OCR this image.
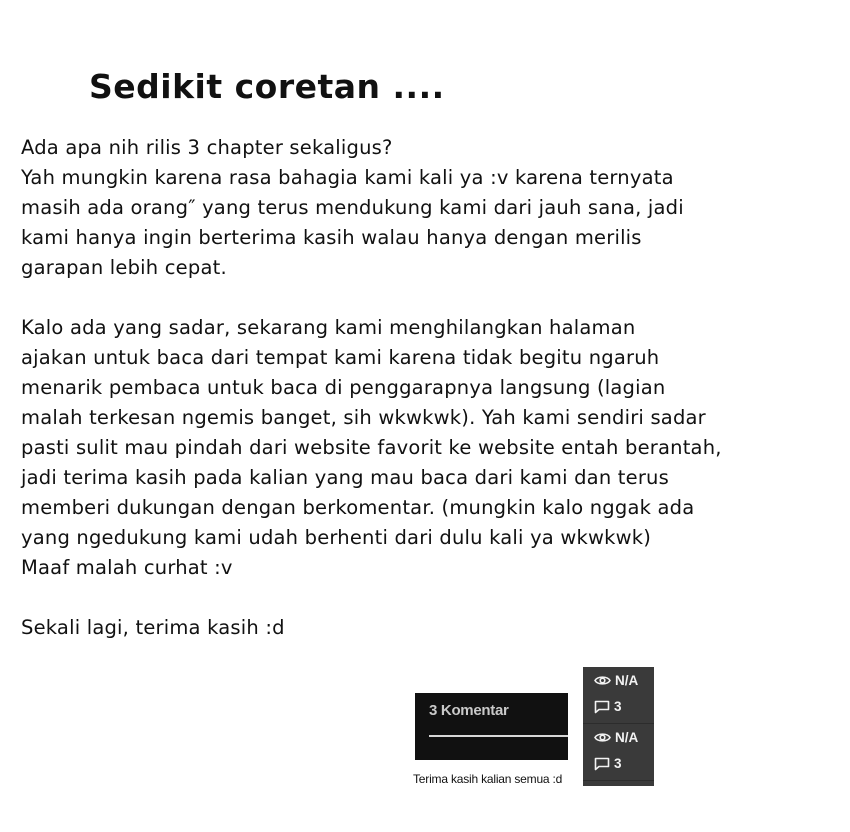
Sedikit coretan ....
Ada apa nih rilis 3 chapter sekaligus?
Yah mungkin karena rasa bahagia kami kali ya :v karena ternyata
masih ada orang″ yang terus mendukung kami dari jauh sana, jadi
kami hanya ingin berterima kasih walau hanya dengan merilis
garapan lebih cepat.
Kalo ada yang sadar, sekarang kami menghilangkan halaman
ajakan untuk baca dari tempat kami karena tidak begitu ngaruh
menarik pembaca untuk baca di penggarapnya langsung (lagian
malah terkesan ngemis banget, sih wkwkwk). Yah kami sendiri sadar
pasti sulit mau pindah dari website favorit ke website entah berantah,
jadi terima kasih pada kalian yang mau baca dari kami dan terus
memberi dukungan dengan berkomentar. (mungkin kalo nggak ada
yang ngedukung kami udah berhenti dari dulu kali ya wkwkwk)
Maaf malah curhat :v
Sekali lagi, terima kasih :d
3 Komentar
Terima kasih kalian semua :d
N/A
3
N/A
3
